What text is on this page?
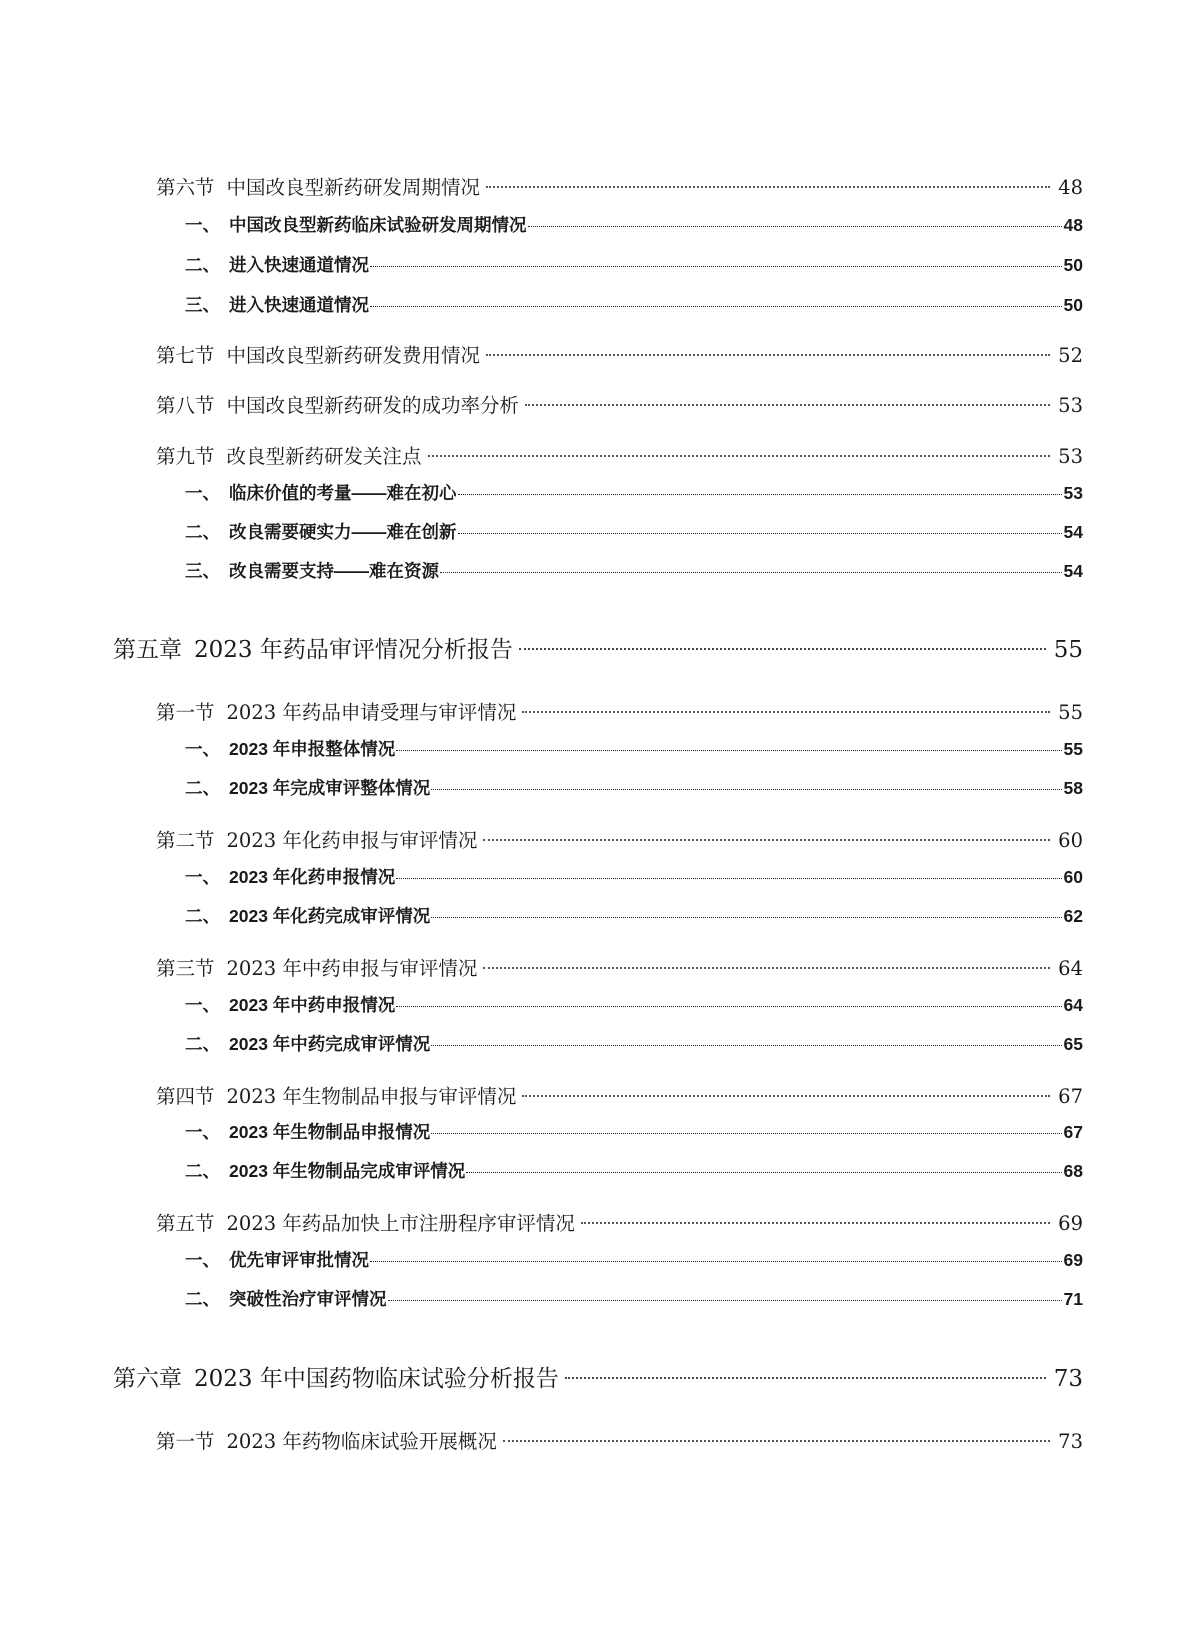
第六节 中国改良型新药研发周期情况	48
一、 中国改良型新药临床试验研发周期情况	48
二、 进入快速通道情况	50
三、 进入快速通道情况	50
第七节 中国改良型新药研发费用情况	52
第八节 中国改良型新药研发的成功率分析	53
第九节 改良型新药研发关注点	53
一、 临床价值的考量——难在初心	53
二、 改良需要硬实力——难在创新	54
三、 改良需要支持——难在资源	54
第五章 2023 年药品审评情况分析报告	55
第一节 2023 年药品申请受理与审评情况	55
一、 2023 年申报整体情况	55
二、 2023 年完成审评整体情况	58
第二节 2023 年化药申报与审评情况	60
一、 2023 年化药申报情况	60
二、 2023 年化药完成审评情况	62
第三节 2023 年中药申报与审评情况	64
一、 2023 年中药申报情况	64
二、 2023 年中药完成审评情况	65
第四节 2023 年生物制品申报与审评情况	67
一、 2023 年生物制品申报情况	67
二、 2023 年生物制品完成审评情况	68
第五节 2023 年药品加快上市注册程序审评情况	69
一、 优先审评审批情况	69
二、 突破性治疗审评情况	71
第六章 2023 年中国药物临床试验分析报告	73
第一节 2023 年药物临床试验开展概况	73
